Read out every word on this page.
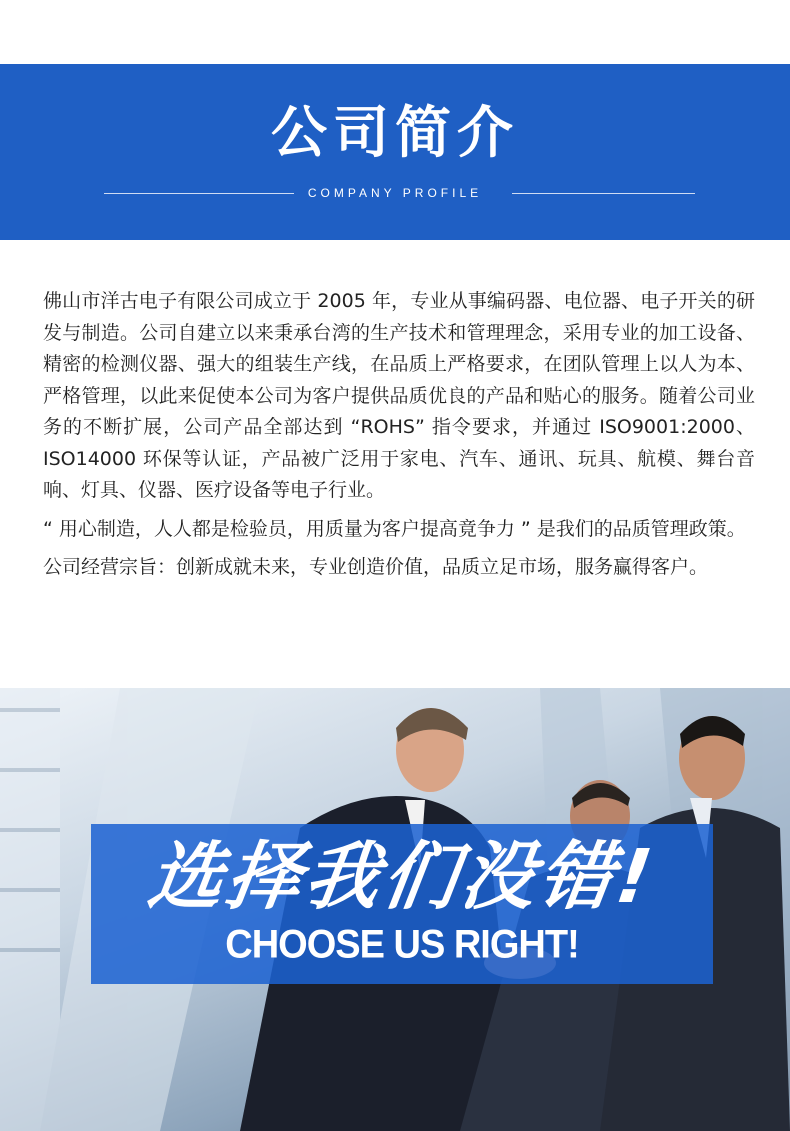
公司简介
COMPANY PROFILE

佛山市洋古电子有限公司成立于 2005 年，专业从事编码器、电位器、电子开关的研发与制造。公司自建立以来秉承台湾的生产技术和管理理念，采用专业的加工设备、精密的检测仪器、强大的组装生产线，在品质上严格要求，在团队管理上以人为本、严格管理，以此来促使本公司为客户提供品质优良的产品和贴心的服务。随着公司业务的不断扩展，公司产品全部达到 “ROHS” 指令要求，并通过 ISO9001:2000、ISO14000 环保等认证，产品被广泛用于家电、汽车、通讯、玩具、航模、舞台音响、灯具、仪器、医疗设备等电子行业。

“ 用心制造，人人都是检验员，用质量为客户提高竟争力 ” 是我们的品质管理政策。

公司经营宗旨：创新成就未来，专业创造价值，品质立足市场，服务赢得客户。

选择我们没错!
CHOOSE US RIGHT!
